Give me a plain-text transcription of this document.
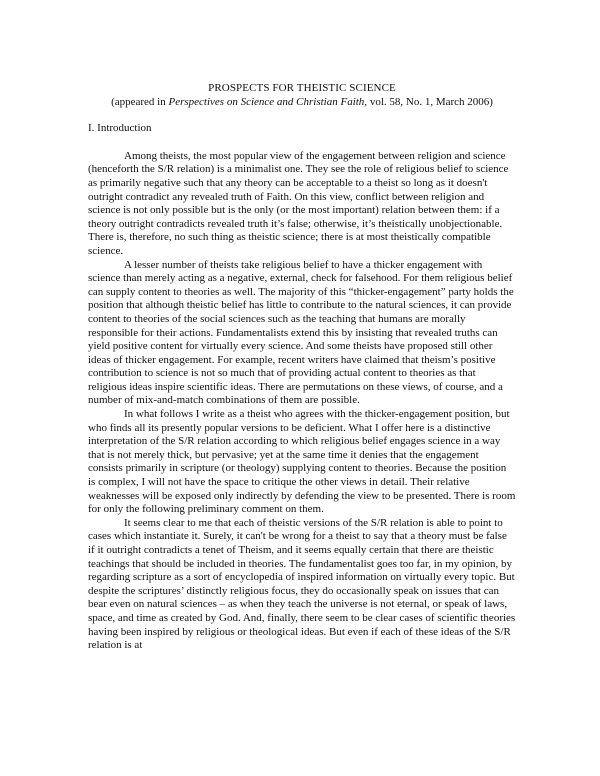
PROSPECTS FOR THEISTIC SCIENCE
(appeared in Perspectives on Science and Christian Faith, vol. 58, No. 1, March 2006)
I. Introduction

Among theists, the most popular view of the engagement between religion and science (henceforth the S/R relation) is a minimalist one. They see the role of religious belief to science as primarily negative such that any theory can be acceptable to a theist so long as it doesn't outright contradict any revealed truth of Faith. On this view, conflict between religion and science is not only possible but is the only (or the most important) relation between them: if a theory outright contradicts revealed truth it’s false; otherwise, it’s theistically unobjectionable. There is, therefore, no such thing as theistic science; there is at most theistically compatible science.

A lesser number of theists take religious belief to have a thicker engagement with science than merely acting as a negative, external, check for falsehood. For them religious belief can supply content to theories as well. The majority of this “thicker-engagement” party holds the position that although theistic belief has little to contribute to the natural sciences, it can provide content to theories of the social sciences such as the teaching that humans are morally responsible for their actions. Fundamentalists extend this by insisting that revealed truths can yield positive content for virtually every science. And some theists have proposed still other ideas of thicker engagement. For example, recent writers have claimed that theism’s positive contribution to science is not so much that of providing actual content to theories as that religious ideas inspire scientific ideas. There are permutations on these views, of course, and a number of mix-and-match combinations of them are possible.

In what follows I write as a theist who agrees with the thicker-engagement position, but who finds all its presently popular versions to be deficient. What I offer here is a distinctive interpretation of the S/R relation according to which religious belief engages science in a way that is not merely thick, but pervasive; yet at the same time it denies that the engagement consists primarily in scripture (or theology) supplying content to theories. Because the position is complex, I will not have the space to critique the other views in detail. Their relative weaknesses will be exposed only indirectly by defending the view to be presented. There is room for only the following preliminary comment on them.

It seems clear to me that each of theistic versions of the S/R relation is able to point to cases which instantiate it. Surely, it can't be wrong for a theist to say that a theory must be false if it outright contradicts a tenet of Theism, and it seems equally certain that there are theistic teachings that should be included in theories. The fundamentalist goes too far, in my opinion, by regarding scripture as a sort of encyclopedia of inspired information on virtually every topic. But despite the scriptures’ distinctly religious focus, they do occasionally speak on issues that can bear even on natural sciences – as when they teach the universe is not eternal, or speak of laws, space, and time as created by God. And, finally, there seem to be clear cases of scientific theories having been inspired by religious or theological ideas. But even if each of these ideas of the S/R relation is at
